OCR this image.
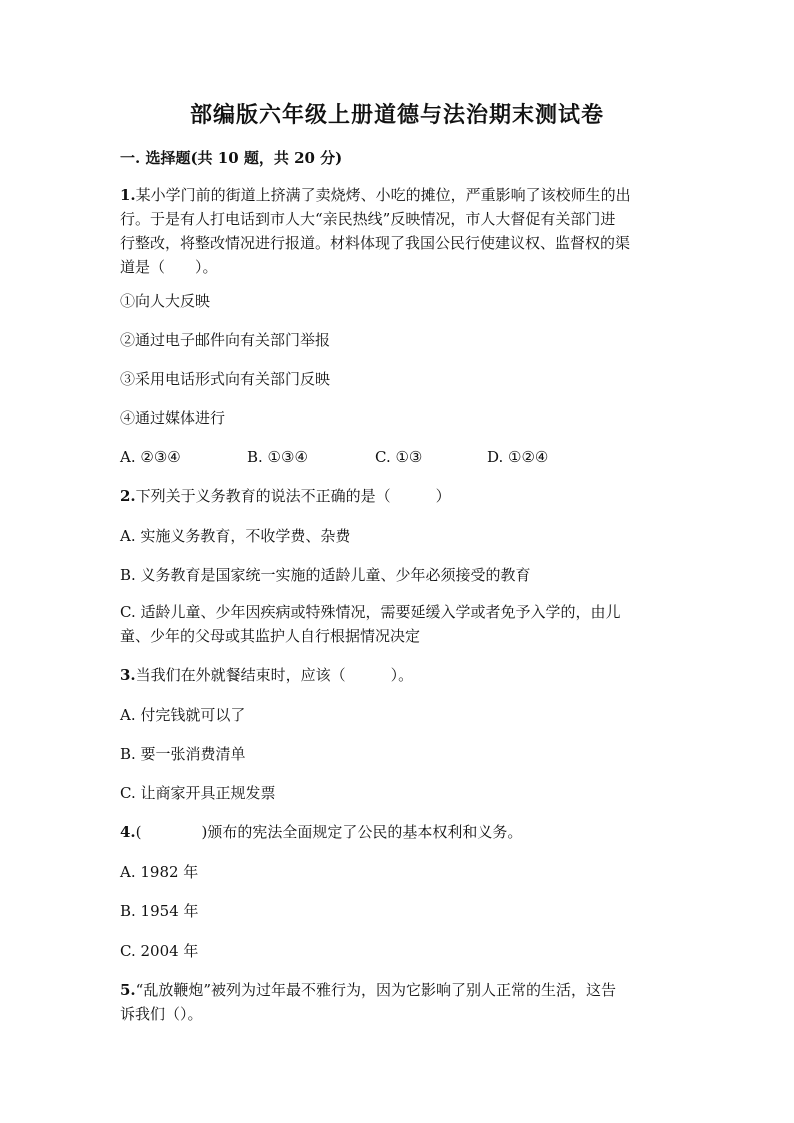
部编版六年级上册道德与法治期末测试卷
一. 选择题(共 10 题，共 20 分)
1.某小学门前的街道上挤满了卖烧烤、小吃的摊位，严重影响了该校师生的出
行。于是有人打电话到市人大“亲民热线”反映情况，市人大督促有关部门进
行整改，将整改情况进行报道。材料体现了我国公民行使建议权、监督权的渠
道是（　　）。
①向人大反映
②通过电子邮件向有关部门举报
③采用电话形式向有关部门反映
④通过媒体进行
A. ②③④	B. ①③④	C. ①③	D. ①②④
2.下列关于义务教育的说法不正确的是（　　　）
A. 实施义务教育，不收学费、杂费
B. 义务教育是国家统一实施的适龄儿童、少年必须接受的教育
C. 适龄儿童、少年因疾病或特殊情况，需要延缓入学或者免予入学的，由儿
童、少年的父母或其监护人自行根据情况决定
3.当我们在外就餐结束时，应该（　　　）。
A. 付完钱就可以了
B. 要一张消费清单
C. 让商家开具正规发票
4.(　　　　)颁布的宪法全面规定了公民的基本权利和义务。
A. 1982 年
B. 1954 年
C. 2004 年
5.“乱放鞭炮”被列为过年最不雅行为，因为它影响了别人正常的生活，这告
诉我们（）。
